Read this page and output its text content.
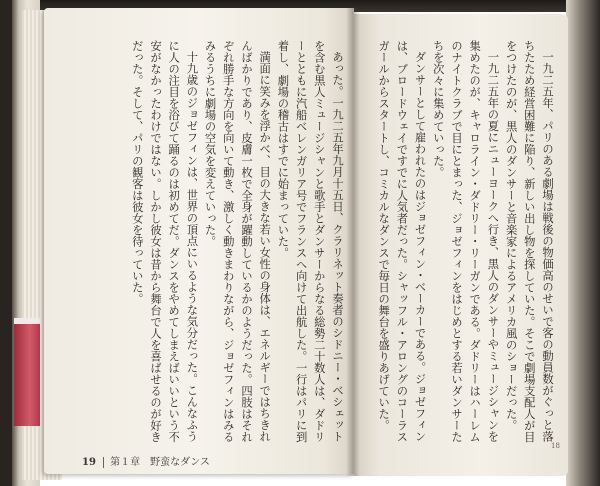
あった。一九二五年九月十五日、クラリネット奏者のシドニー・ベシェットを含む黒人ミュージシャンと歌手とダンサーからなる総勢二十数人は、ダドリーとともに汽船ベレンガリア号でフランスへ向けて出航した。一行はパリに到着し、劇場の稽古はすでに始まっていた。

満面に笑みを浮かべ、目の大きな若い女性の身体は、エネルギーではちきれんばかりであり、皮膚一枚で全身が躍動しているかのようだった。四肢はそれぞれ勝手な方向を向いて動き、激しく動きまわりながら、ジョゼフィンはみるみるうちに劇場の空気を変えていった。

十九歳のジョゼフィンは、世界の頂点にいるような気分だった。こんなふうに人の注目を浴びて踊るのは初めてだ。ダンスをやめてしまえばいいという不安がなかったわけではない。しかし彼女は昔から舞台で人を喜ばせるのが好きだった。そして、パリの観客は彼女を待っていた。	一九二五年、パリのある劇場は戦後の物価高のせいで客の動員数がぐっと落ちたため経営困難に陥り、新しい出し物を探していた。そこで劇場支配人が目をつけたのが、黒人のダンサーと音楽家によるアメリカ風のショーだった。

一九二五年の夏にニューヨークへ行き、黒人のダンサーやミュージシャンを集めたのが、キャロライン・ダドリー・リーガンである。ダドリーはハーレムのナイトクラブで目にとまった、ジョゼフィンをはじめとする若いダンサーたちを次々に集めていった。

ダンサーとして雇われたのはジョゼフィン・ベーカーである。ジョゼフィンは、ブロードウェイですでに人気者だった。シャッフル・アロングのコーラスガールからスタートし、コミカルなダンスで毎日の舞台を盛りあげていた。

19 第１章　野蛮なダンス
18
